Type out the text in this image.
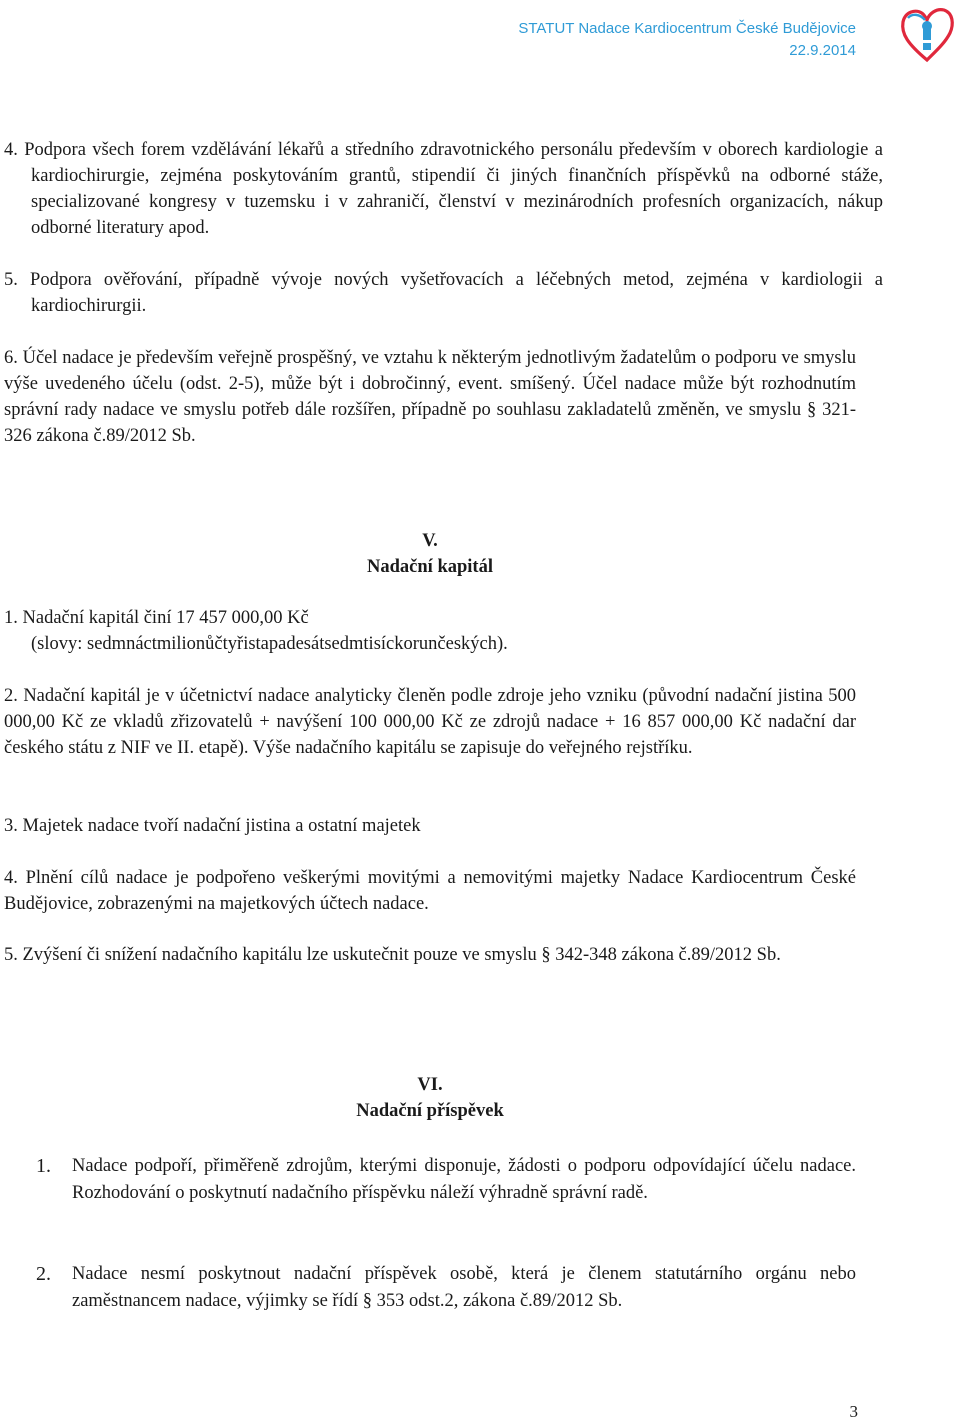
STATUT Nadace Kardiocentrum České Budějovice
22.9.2014

4. Podpora všech forem vzdělávání lékařů a středního zdravotnického personálu především v oborech kardiologie a kardiochirurgie, zejména poskytováním grantů, stipendií či jiných finančních příspěvků na odborné stáže, specializované kongresy v tuzemsku i v zahraničí, členství v mezinárodních profesních organizacích, nákup odborné literatury apod.

5. Podpora ověřování, případně vývoje nových vyšetřovacích a léčebných metod, zejména v kardiologii a kardiochirurgii.

6. Účel nadace je především veřejně prospěšný, ve vztahu k některým jednotlivým žadatelům o podporu ve smyslu výše uvedeného účelu (odst. 2-5), může být i dobročinný, event. smíšený. Účel nadace může být rozhodnutím správní rady nadace ve smyslu potřeb dále rozšířen, případně po souhlasu zakladatelů změněn, ve smyslu § 321-326 zákona č.89/2012 Sb.

V.

Nadační kapitál

1. Nadační kapitál činí 17 457 000,00 Kč
(slovy: sedmnáctmilionůčtyřistapadesátsedmtisíckorunčeských).

2. Nadační kapitál je v účetnictví nadace analyticky členěn podle zdroje jeho vzniku (původní nadační jistina 500 000,00 Kč ze vkladů zřizovatelů + navýšení 100 000,00 Kč ze zdrojů nadace + 16 857 000,00 Kč nadační dar českého státu z NIF ve II. etapě). Výše nadačního kapitálu se zapisuje do veřejného rejstříku.

3. Majetek nadace tvoří nadační jistina a ostatní majetek

4. Plnění cílů nadace je podpořeno veškerými movitými a nemovitými majetky Nadace Kardiocentrum České Budějovice, zobrazenými na majetkových účtech nadace.

5. Zvýšení či snížení nadačního kapitálu lze uskutečnit pouze ve smyslu § 342-348 zákona č.89/2012 Sb.

VI.

Nadační příspěvek

1. Nadace podpoří, přiměřeně zdrojům, kterými disponuje, žádosti o podporu odpovídající účelu nadace. Rozhodování o poskytnutí nadačního příspěvku náleží výhradně správní radě.
2. Nadace nesmí poskytnout nadační příspěvek osobě, která je členem statutárního orgánu nebo zaměstnancem nadace, výjimky se řídí § 353 odst.2, zákona č.89/2012 Sb.
3
